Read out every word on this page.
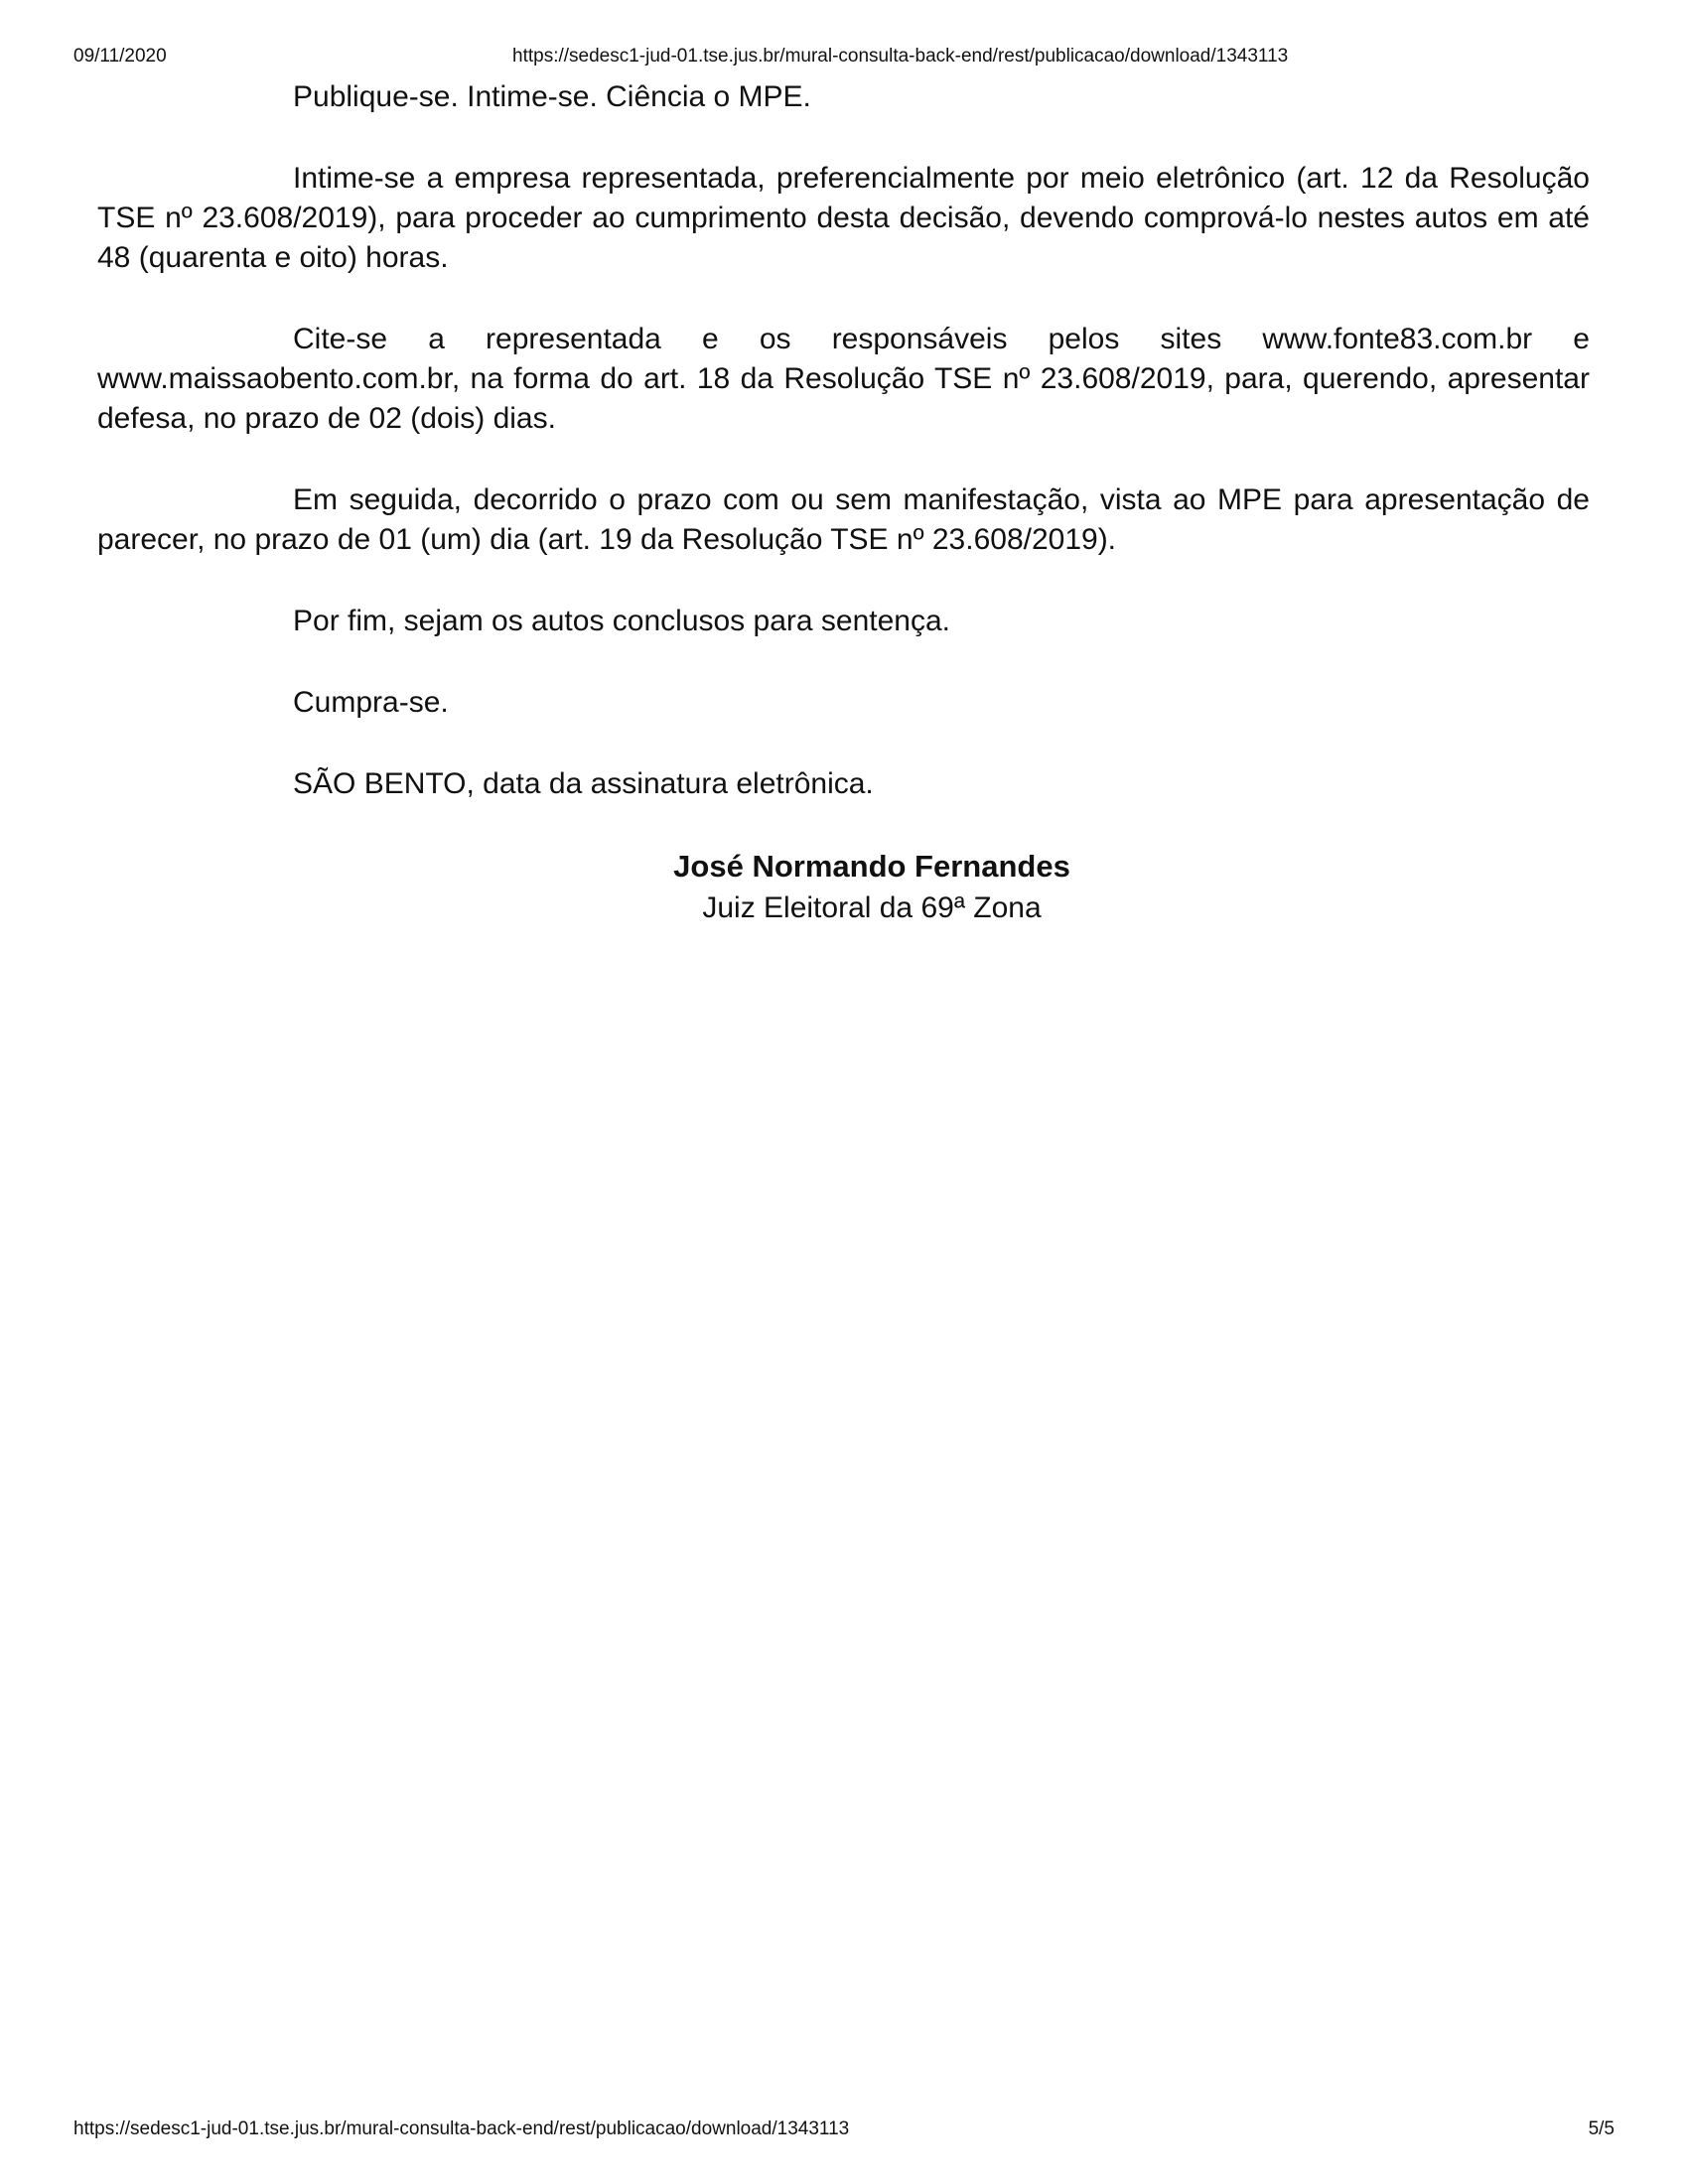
09/11/2020	https://sedesc1-jud-01.tse.jus.br/mural-consulta-back-end/rest/publicacao/download/1343113

Publique-se. Intime-se. Ciência o MPE.

Intime-se a empresa representada, preferencialmente por meio eletrônico (art. 12 da Resolução TSE nº 23.608/2019), para proceder ao cumprimento desta decisão, devendo comprová-lo nestes autos em até 48 (quarenta e oito) horas.

Cite-se a representada e os responsáveis pelos sites www.fonte83.com.br e www.maissaobento.com.br, na forma do art. 18 da Resolução TSE nº 23.608/2019, para, querendo, apresentar defesa, no prazo de 02 (dois) dias.

Em seguida, decorrido o prazo com ou sem manifestação, vista ao MPE para apresentação de parecer, no prazo de 01 (um) dia (art. 19 da Resolução TSE nº 23.608/2019).

Por fim, sejam os autos conclusos para sentença.

Cumpra-se.

SÃO BENTO, data da assinatura eletrônica.

José Normando Fernandes
Juiz Eleitoral da 69ª Zona
https://sedesc1-jud-01.tse.jus.br/mural-consulta-back-end/rest/publicacao/download/1343113	5/5
